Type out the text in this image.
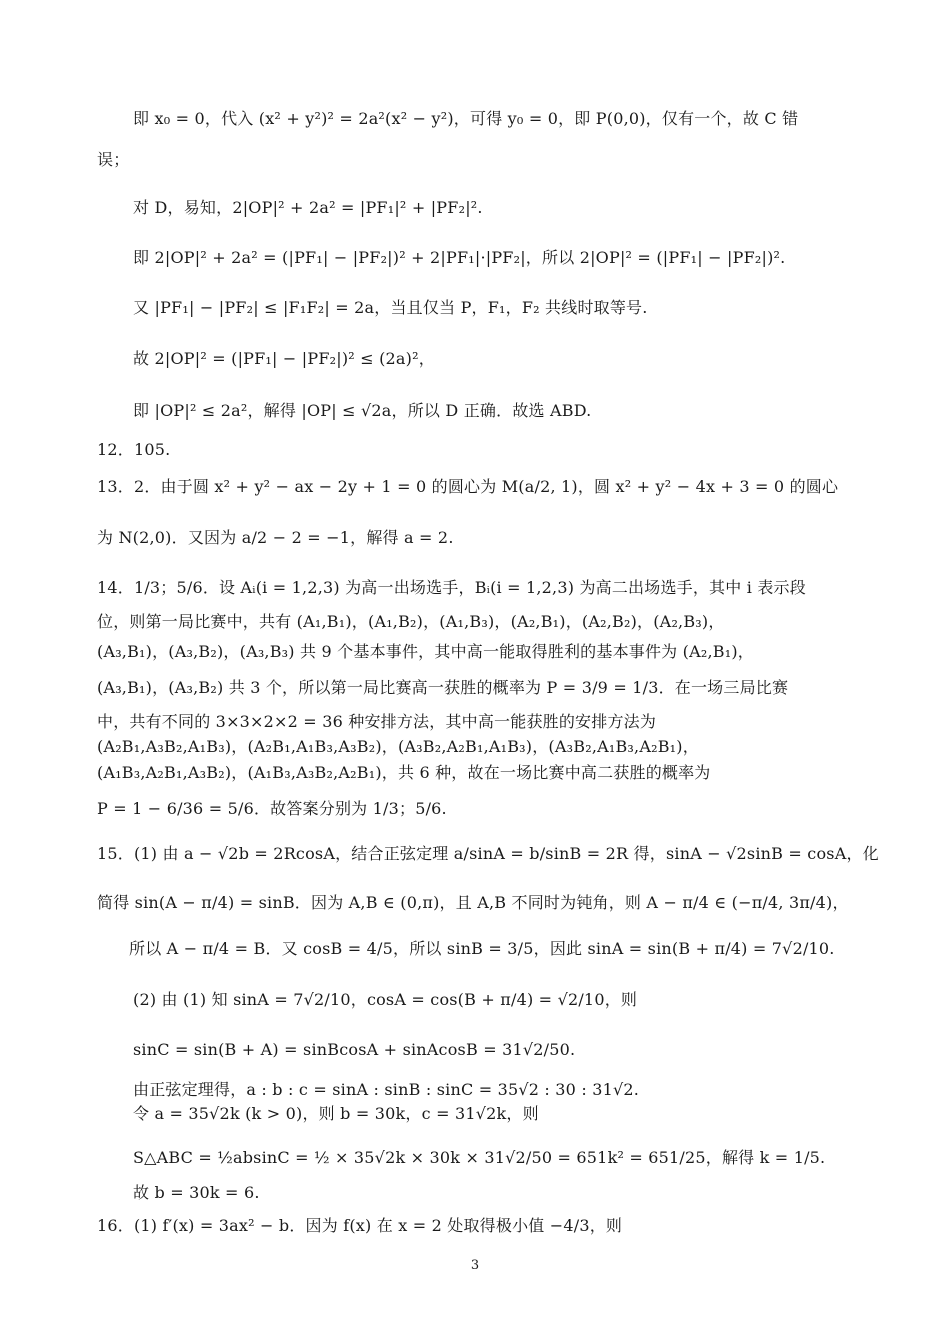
即 x₀ = 0，代入 (x² + y²)² = 2a²(x² − y²)，可得 y₀ = 0，即 P(0,0)，仅有一个，故 C 错
误；
对 D，易知，2|OP|² + 2a² = |PF₁|² + |PF₂|².
即 2|OP|² + 2a² = (|PF₁| − |PF₂|)² + 2|PF₁|·|PF₂|，所以 2|OP|² = (|PF₁| − |PF₂|)².
又 |PF₁| − |PF₂| ≤ |F₁F₂| = 2a，当且仅当 P，F₁，F₂ 共线时取等号.
故 2|OP|² = (|PF₁| − |PF₂|)² ≤ (2a)²，
即 |OP|² ≤ 2a²，解得 |OP| ≤ √2a，所以 D 正确．故选 ABD.
12．105.
13．2．由于圆 x² + y² − ax − 2y + 1 = 0 的圆心为 M(a/2, 1)，圆 x² + y² − 4x + 3 = 0 的圆心
为 N(2,0)．又因为 a/2 − 2 = −1，解得 a = 2.
14．1/3；5/6．设 Aᵢ(i = 1,2,3) 为高一出场选手，Bᵢ(i = 1,2,3) 为高二出场选手，其中 i 表示段
位，则第一局比赛中，共有 (A₁,B₁)，(A₁,B₂)，(A₁,B₃)，(A₂,B₁)，(A₂,B₂)，(A₂,B₃)，
(A₃,B₁)，(A₃,B₂)，(A₃,B₃) 共 9 个基本事件，其中高一能取得胜利的基本事件为 (A₂,B₁)，
(A₃,B₁)，(A₃,B₂) 共 3 个，所以第一局比赛高一获胜的概率为 P = 3/9 = 1/3．在一场三局比赛
中，共有不同的 3×3×2×2 = 36 种安排方法，其中高一能获胜的安排方法为
(A₂B₁,A₃B₂,A₁B₃)，(A₂B₁,A₁B₃,A₃B₂)，(A₃B₂,A₂B₁,A₁B₃)，(A₃B₂,A₁B₃,A₂B₁)，
(A₁B₃,A₂B₁,A₃B₂)，(A₁B₃,A₃B₂,A₂B₁)，共 6 种，故在一场比赛中高二获胜的概率为
P = 1 − 6/36 = 5/6．故答案分别为 1/3；5/6.
15．(1) 由 a − √2b = 2RcosA，结合正弦定理 a/sinA = b/sinB = 2R 得，sinA − √2sinB = cosA，化
简得 sin(A − π/4) = sinB．因为 A,B ∈ (0,π)，且 A,B 不同时为钝角，则 A − π/4 ∈ (−π/4, 3π/4)，
所以 A − π/4 = B．又 cosB = 4/5，所以 sinB = 3/5，因此 sinA = sin(B + π/4) = 7√2/10.
(2) 由 (1) 知 sinA = 7√2/10，cosA = cos(B + π/4) = √2/10，则
sinC = sin(B + A) = sinBcosA + sinAcosB = 31√2/50.
由正弦定理得，a : b : c = sinA : sinB : sinC = 35√2 : 30 : 31√2.
令 a = 35√2k (k > 0)，则 b = 30k，c = 31√2k，则
S△ABC = ½absinC = ½ × 35√2k × 30k × 31√2/50 = 651k² = 651/25，解得 k = 1/5.
故 b = 30k = 6.
16．(1) f′(x) = 3ax² − b．因为 f(x) 在 x = 2 处取得极小值 −4/3，则
3
